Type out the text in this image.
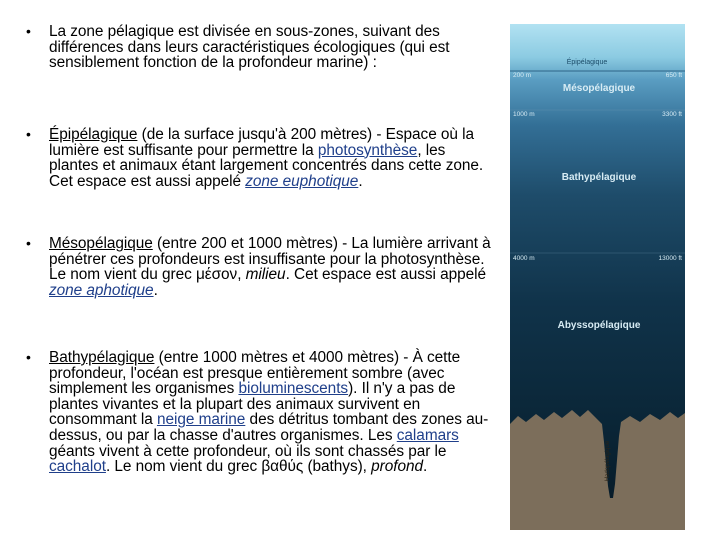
• La zone pélagique est divisée en sous-zones, suivant des différences dans leurs caractéristiques écologiques (qui est sensiblement fonction de la profondeur marine) :

• Épipélagique (de la surface jusqu'à 200 mètres) - Espace où la lumière est suffisante pour permettre la photosynthèse, les plantes et animaux étant largement concentrés dans cette zone. Cet espace est aussi appelé zone euphotique.

• Mésopélagique (entre 200 et 1000 mètres) - La lumière arrivant à pénétrer ces profondeurs est insuffisante pour la photosynthèse. Le nom vient du grec μέσον, milieu. Cet espace est aussi appelé zone aphotique.

• Bathypélagique (entre 1000 mètres et 4000 mètres) - À cette profondeur, l'océan est presque entièrement sombre (avec simplement les organismes bioluminescents). Il n'y a pas de plantes vivantes et la plupart des animaux survivent en consommant la neige marine des détritus tombant des zones au-dessus, ou par la chasse d'autres organismes. Les calamars géants vivent à cette profondeur, où ils sont chassés par le cachalot. Le nom vient du grec βαθύς (bathys), profond.

Épipélagique
200 m	650 ft
Mésopélagique
1000 m	3300 ft
Bathypélagique
4000 m	13000 ft
Abyssopélagique
Hadopélagique
